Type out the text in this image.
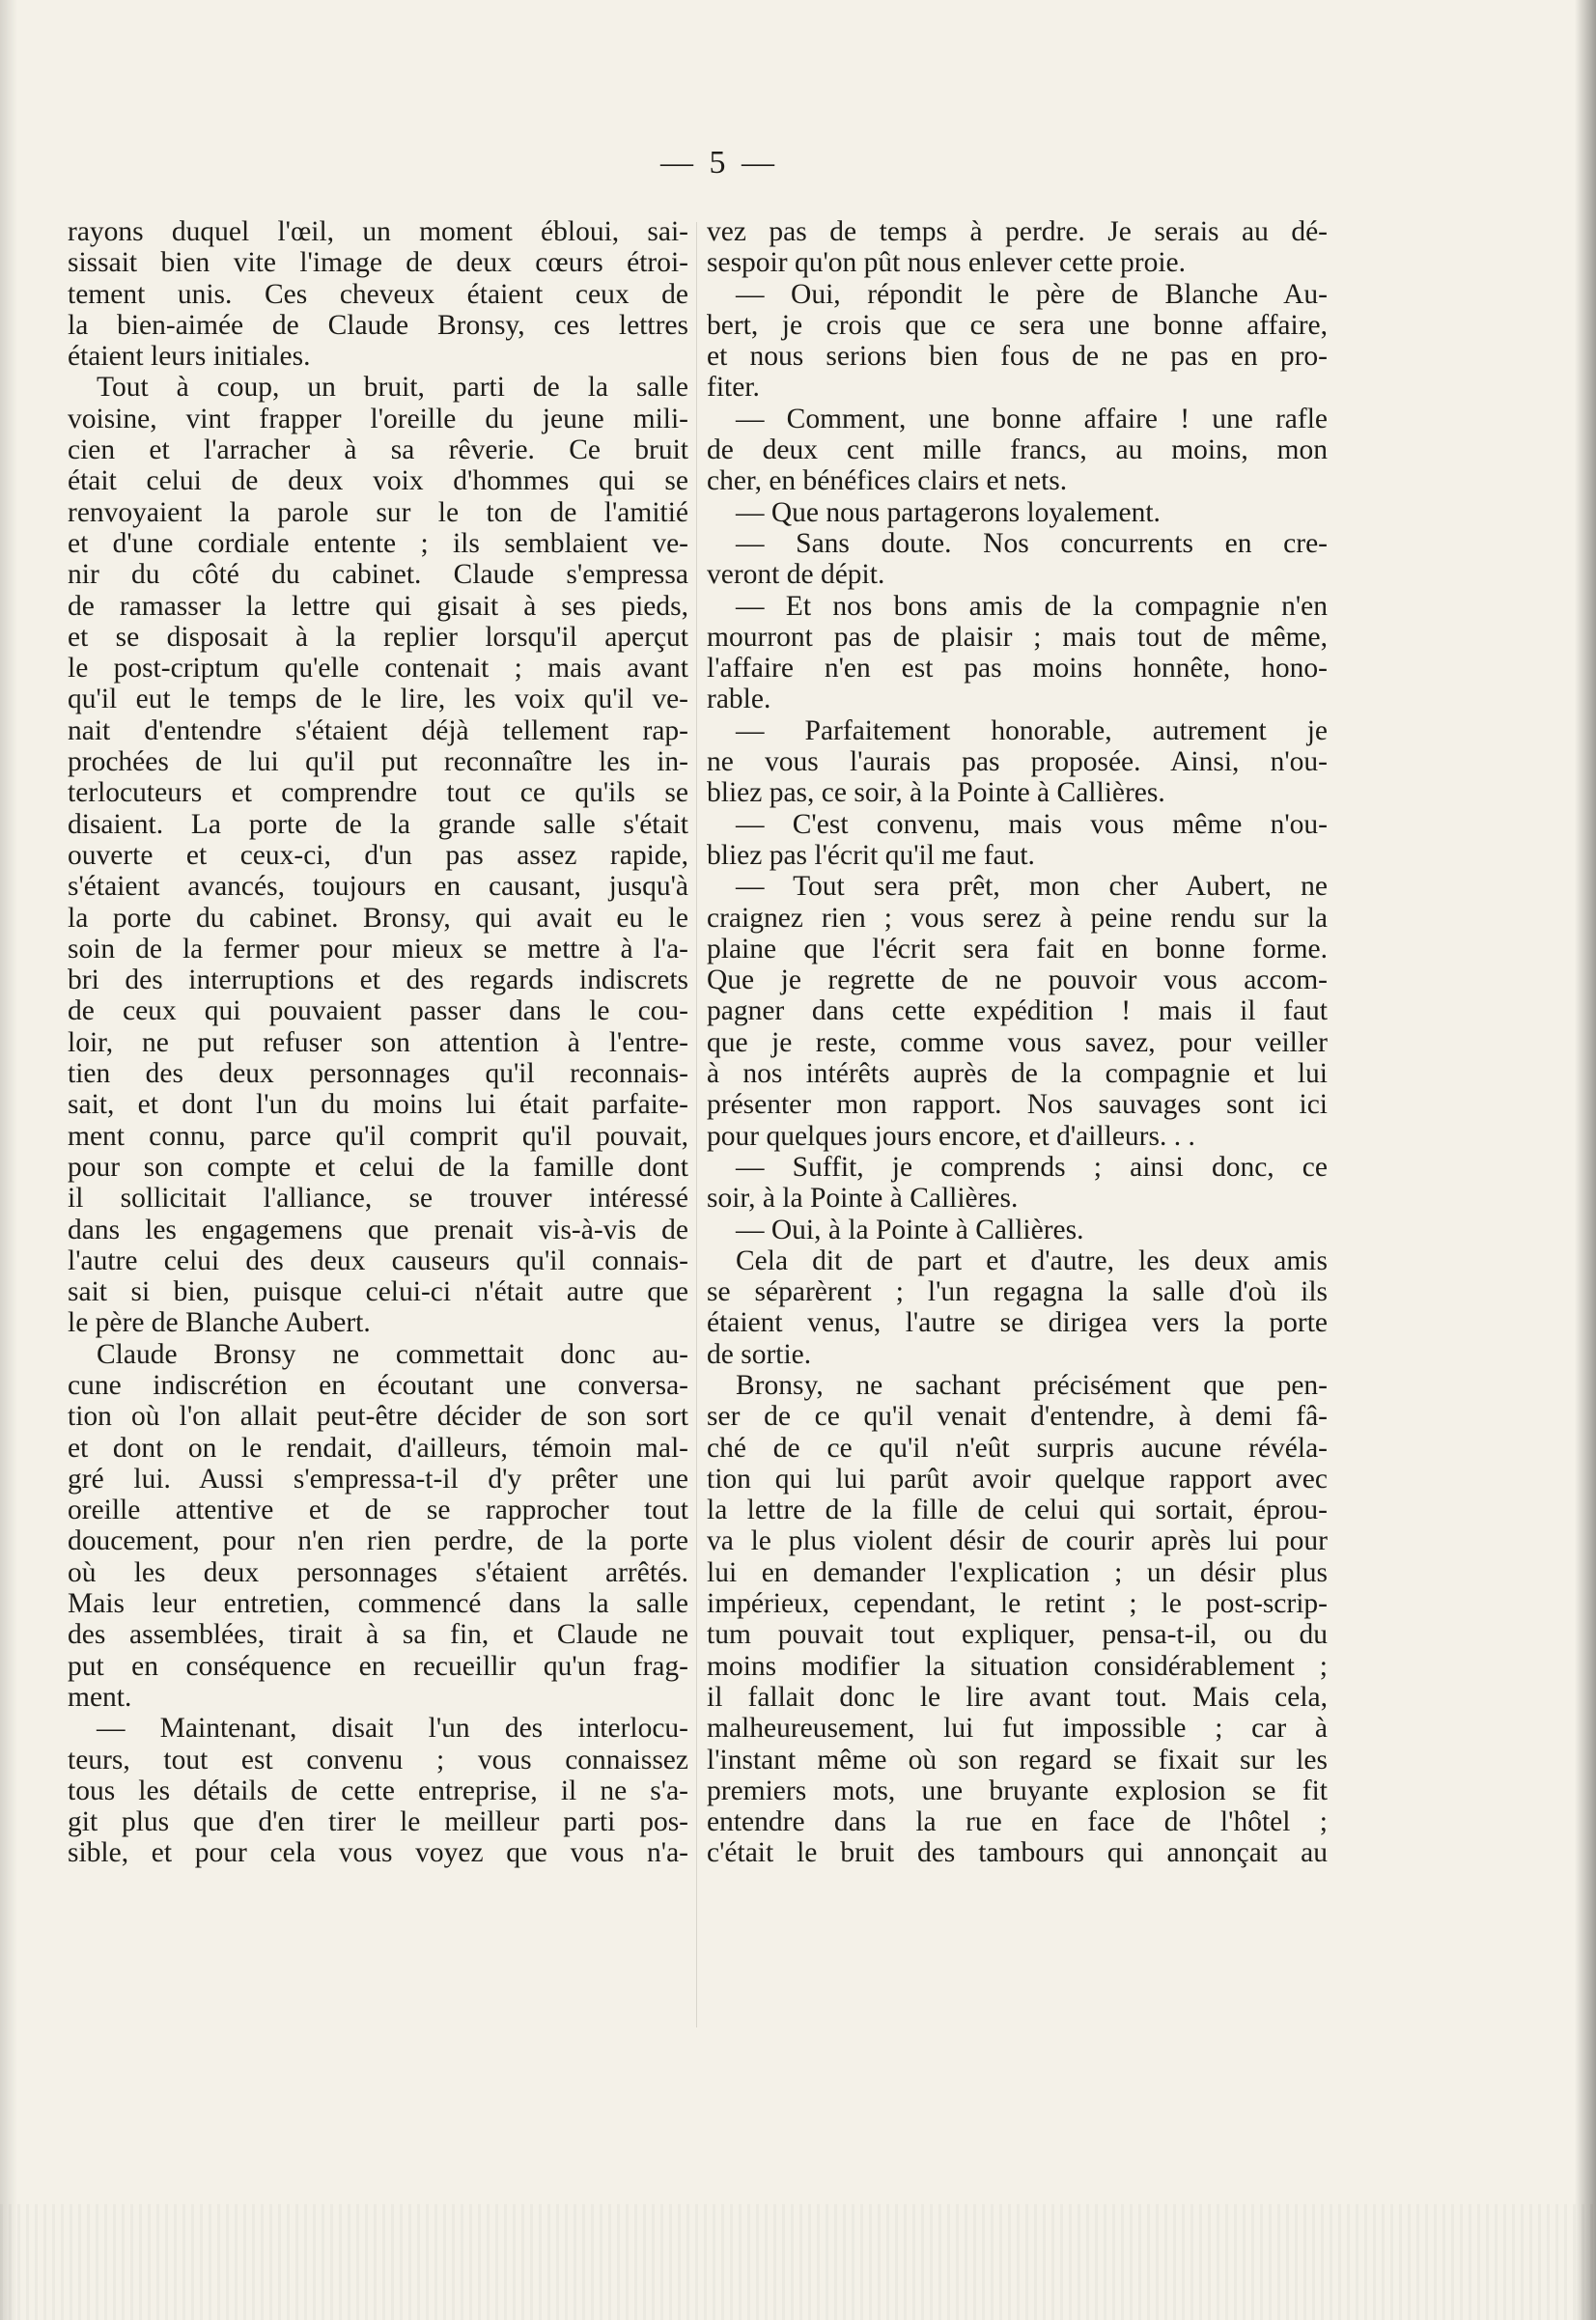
— 5 —
rayons duquel l'œil, un moment ébloui, sai-
sissait bien vite l'image de deux cœurs étroi-
tement unis. Ces cheveux étaient ceux de
la bien-aimée de Claude Bronsy, ces lettres
étaient leurs initiales.
Tout à coup, un bruit, parti de la salle
voisine, vint frapper l'oreille du jeune mili-
cien et l'arracher à sa rêverie. Ce bruit
était celui de deux voix d'hommes qui se
renvoyaient la parole sur le ton de l'amitié
et d'une cordiale entente ; ils semblaient ve-
nir du côté du cabinet. Claude s'empressa
de ramasser la lettre qui gisait à ses pieds,
et se disposait à la replier lorsqu'il aperçut
le post-criptum qu'elle contenait ; mais avant
qu'il eut le temps de le lire, les voix qu'il ve-
nait d'entendre s'étaient déjà tellement rap-
prochées de lui qu'il put reconnaître les in-
terlocuteurs et comprendre tout ce qu'ils se
disaient. La porte de la grande salle s'était
ouverte et ceux-ci, d'un pas assez rapide,
s'étaient avancés, toujours en causant, jusqu'à
la porte du cabinet. Bronsy, qui avait eu le
soin de la fermer pour mieux se mettre à l'a-
bri des interruptions et des regards indiscrets
de ceux qui pouvaient passer dans le cou-
loir, ne put refuser son attention à l'entre-
tien des deux personnages qu'il reconnais-
sait, et dont l'un du moins lui était parfaite-
ment connu, parce qu'il comprit qu'il pouvait,
pour son compte et celui de la famille dont
il sollicitait l'alliance, se trouver intéressé
dans les engagemens que prenait vis-à-vis de
l'autre celui des deux causeurs qu'il connais-
sait si bien, puisque celui-ci n'était autre que
le père de Blanche Aubert.
Claude Bronsy ne commettait donc au-
cune indiscrétion en écoutant une conversa-
tion où l'on allait peut-être décider de son sort
et dont on le rendait, d'ailleurs, témoin mal-
gré lui. Aussi s'empressa-t-il d'y prêter une
oreille attentive et de se rapprocher tout
doucement, pour n'en rien perdre, de la porte
où les deux personnages s'étaient arrêtés.
Mais leur entretien, commencé dans la salle
des assemblées, tirait à sa fin, et Claude ne
put en conséquence en recueillir qu'un frag-
ment.
— Maintenant, disait l'un des interlocu-
teurs, tout est convenu ; vous connaissez
tous les détails de cette entreprise, il ne s'a-
git plus que d'en tirer le meilleur parti pos-
sible, et pour cela vous voyez que vous n'a-
vez pas de temps à perdre. Je serais au dé-
sespoir qu'on pût nous enlever cette proie.
— Oui, répondit le père de Blanche Au-
bert, je crois que ce sera une bonne affaire,
et nous serions bien fous de ne pas en pro-
fiter.
— Comment, une bonne affaire ! une rafle
de deux cent mille francs, au moins, mon
cher, en bénéfices clairs et nets.
— Que nous partagerons loyalement.
— Sans doute. Nos concurrents en cre-
veront de dépit.
— Et nos bons amis de la compagnie n'en
mourront pas de plaisir ; mais tout de même,
l'affaire n'en est pas moins honnête, hono-
rable.
— Parfaitement honorable, autrement je
ne vous l'aurais pas proposée. Ainsi, n'ou-
bliez pas, ce soir, à la Pointe à Callières.
— C'est convenu, mais vous même n'ou-
bliez pas l'écrit qu'il me faut.
— Tout sera prêt, mon cher Aubert, ne
craignez rien ; vous serez à peine rendu sur la
plaine que l'écrit sera fait en bonne forme.
Que je regrette de ne pouvoir vous accom-
pagner dans cette expédition ! mais il faut
que je reste, comme vous savez, pour veiller
à nos intérêts auprès de la compagnie et lui
présenter mon rapport. Nos sauvages sont ici
pour quelques jours encore, et d'ailleurs. . .
— Suffit, je comprends ; ainsi donc, ce
soir, à la Pointe à Callières.
— Oui, à la Pointe à Callières.
Cela dit de part et d'autre, les deux amis
se séparèrent ; l'un regagna la salle d'où ils
étaient venus, l'autre se dirigea vers la porte
de sortie.
Bronsy, ne sachant précisément que pen-
ser de ce qu'il venait d'entendre, à demi fâ-
ché de ce qu'il n'eût surpris aucune révéla-
tion qui lui parût avoir quelque rapport avec
la lettre de la fille de celui qui sortait, éprou-
va le plus violent désir de courir après lui pour
lui en demander l'explication ; un désir plus
impérieux, cependant, le retint ; le post-scrip-
tum pouvait tout expliquer, pensa-t-il, ou du
moins modifier la situation considérablement ;
il fallait donc le lire avant tout. Mais cela,
malheureusement, lui fut impossible ; car à
l'instant même où son regard se fixait sur les
premiers mots, une bruyante explosion se fit
entendre dans la rue en face de l'hôtel ;
c'était le bruit des tambours qui annonçait au
